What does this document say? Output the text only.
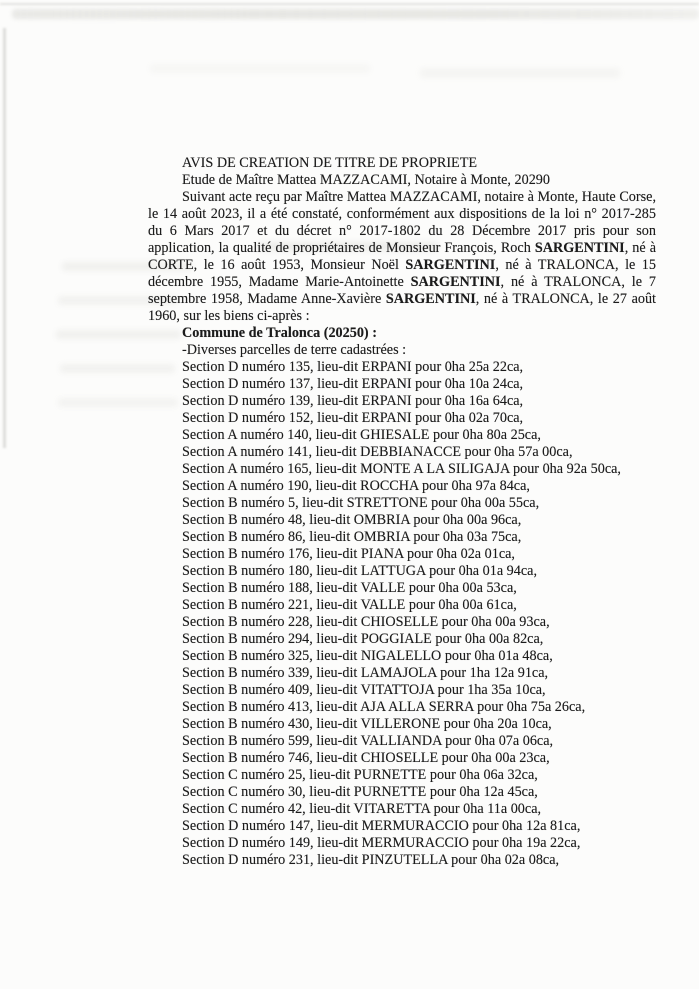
AVIS DE CREATION DE TITRE DE PROPRIETE

Etude de Maître Mattea MAZZACAMI, Notaire à Monte, 20290

Suivant acte reçu par Maître Mattea MAZZACAMI, notaire à Monte, Haute Corse, le 14 août 2023, il a été constaté, conformément aux dispositions de la loi n° 2017-285 du 6 Mars 2017 et du décret n° 2017-1802 du 28 Décembre 2017 pris pour son application, la qualité de propriétaires de Monsieur François, Roch SARGENTINI, né à CORTE, le 16 août 1953, Monsieur Noël SARGENTINI, né à TRALONCA, le 15 décembre 1955, Madame Marie-Antoinette SARGENTINI, né à TRALONCA, le 7 septembre 1958, Madame Anne-Xavière SARGENTINI, né à TRALONCA, le 27 août 1960, sur les biens ci-après :

Commune de Tralonca (20250) :

-Diverses parcelles de terre cadastrées :

Section D numéro 135, lieu-dit ERPANI pour 0ha 25a 22ca,

Section D numéro 137, lieu-dit ERPANI pour 0ha 10a 24ca,

Section D numéro 139, lieu-dit ERPANI pour 0ha 16a 64ca,

Section D numéro 152, lieu-dit ERPANI pour 0ha 02a 70ca,

Section A numéro 140, lieu-dit GHIESALE pour 0ha 80a 25ca,

Section A numéro 141, lieu-dit DEBBIANACCE pour 0ha 57a 00ca,

Section A numéro 165, lieu-dit MONTE A LA SILIGAJA pour 0ha 92a 50ca,

Section A numéro 190, lieu-dit ROCCHA pour 0ha 97a 84ca,

Section B numéro 5, lieu-dit STRETTONE pour 0ha 00a 55ca,

Section B numéro 48, lieu-dit OMBRIA pour 0ha 00a 96ca,

Section B numéro 86, lieu-dit OMBRIA pour 0ha 03a 75ca,

Section B numéro 176, lieu-dit PIANA pour 0ha 02a 01ca,

Section B numéro 180, lieu-dit LATTUGA pour 0ha 01a 94ca,

Section B numéro 188, lieu-dit VALLE pour 0ha 00a 53ca,

Section B numéro 221, lieu-dit VALLE pour 0ha 00a 61ca,

Section B numéro 228, lieu-dit CHIOSELLE pour 0ha 00a 93ca,

Section B numéro 294, lieu-dit POGGIALE pour 0ha 00a 82ca,

Section B numéro 325, lieu-dit NIGALELLO pour 0ha 01a 48ca,

Section B numéro 339, lieu-dit LAMAJOLA pour 1ha 12a 91ca,

Section B numéro 409, lieu-dit VITATTOJA pour 1ha 35a 10ca,

Section B numéro 413, lieu-dit AJA ALLA SERRA pour 0ha 75a 26ca,

Section B numéro 430, lieu-dit VILLERONE pour 0ha 20a 10ca,

Section B numéro 599, lieu-dit VALLIANDA pour 0ha 07a 06ca,

Section B numéro 746, lieu-dit CHIOSELLE pour 0ha 00a 23ca,

Section C numéro 25, lieu-dit PURNETTE pour 0ha 06a 32ca,

Section C numéro 30, lieu-dit PURNETTE pour 0ha 12a 45ca,

Section C numéro 42, lieu-dit VITARETTA pour 0ha 11a 00ca,

Section D numéro 147, lieu-dit MERMURACCIO pour 0ha 12a 81ca,

Section D numéro 149, lieu-dit MERMURACCIO pour 0ha 19a 22ca,

Section D numéro 231, lieu-dit PINZUTELLA pour 0ha 02a 08ca,
